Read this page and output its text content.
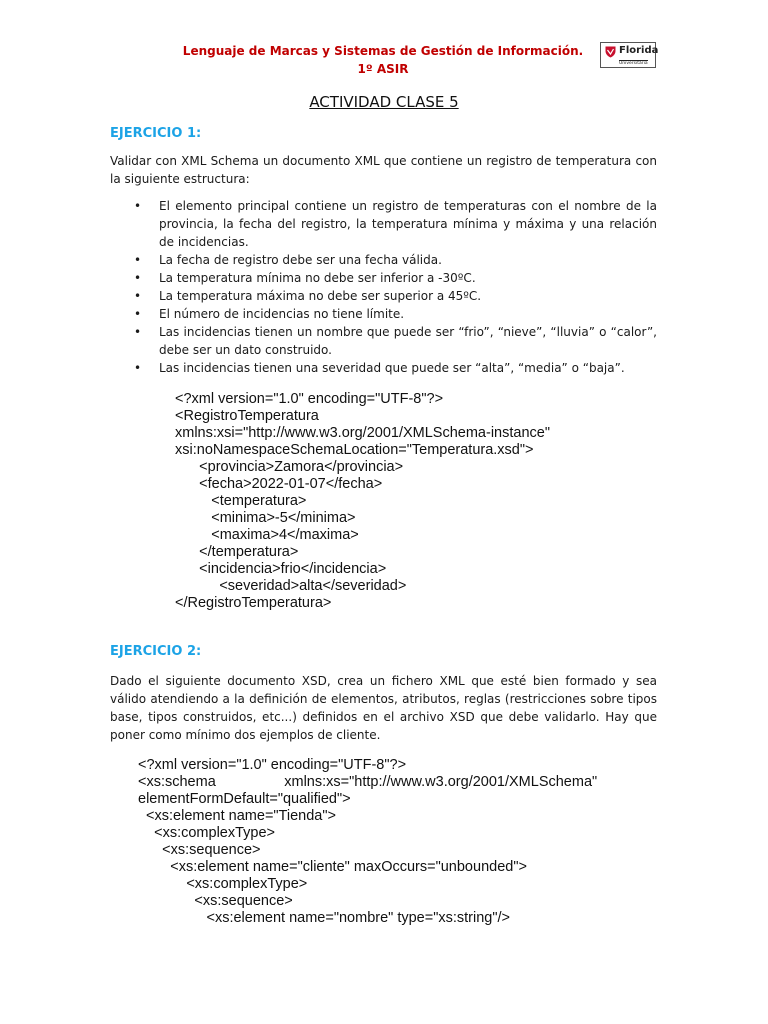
Lenguaje de Marcas y Sistemas de Gestión de Información.
1º ASIR
Florida
Universitària
ACTIVIDAD CLASE 5
EJERCICIO 1:
Validar con XML Schema un documento XML que contiene un registro de temperatura con la siguiente estructura:
• El elemento principal contiene un registro de temperaturas con el nombre de la provincia, la fecha del registro, la temperatura mínima y máxima y una relación de incidencias.
• La fecha de registro debe ser una fecha válida.
• La temperatura mínima no debe ser inferior a -30ºC.
• La temperatura máxima no debe ser superior a 45ºC.
• El número de incidencias no tiene límite.
• Las incidencias tienen un nombre que puede ser “frio”, “nieve”, “lluvia” o “calor”, debe ser un dato construido.
• Las incidencias tienen una severidad que puede ser “alta”, “media” o “baja”.
<?xml version="1.0" encoding="UTF-8"?>
<RegistroTemperatura
xmlns:xsi="http://www.w3.org/2001/XMLSchema-instance"
xsi:noNamespaceSchemaLocation="Temperatura.xsd">
<provincia>Zamora</provincia>
<fecha>2022-01-07</fecha>
<temperatura>
<minima>-5</minima>
<maxima>4</maxima>
</temperatura>
<incidencia>frio</incidencia>
<severidad>alta</severidad>
</RegistroTemperatura>
EJERCICIO 2:
Dado el siguiente documento XSD, crea un fichero XML que esté bien formado y sea válido atendiendo a la definición de elementos, atributos, reglas (restricciones sobre tipos base, tipos construidos, etc...) definidos en el archivo XSD que debe validarlo. Hay que poner como mínimo dos ejemplos de cliente.
<?xml version="1.0" encoding="UTF-8"?>
<xs:schema                 xmlns:xs="http://www.w3.org/2001/XMLSchema"
elementFormDefault="qualified">
<xs:element name="Tienda">
<xs:complexType>
<xs:sequence>
<xs:element name="cliente" maxOccurs="unbounded">
<xs:complexType>
<xs:sequence>
<xs:element name="nombre" type="xs:string"/>
